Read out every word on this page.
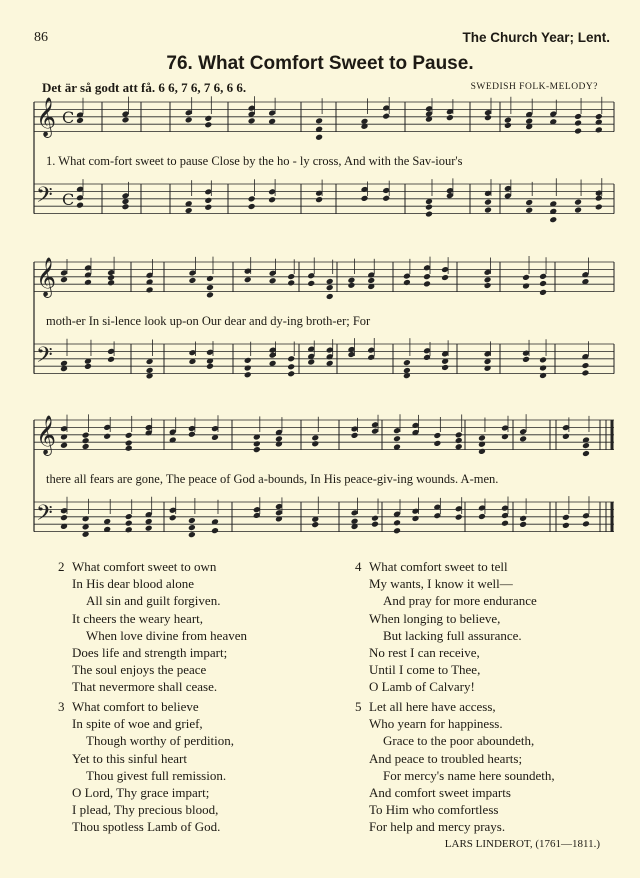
86	The Church Year; Lent.
76. What Comfort Sweet to Pause.
Det är så godt att få. 6 6, 7 6, 7 6, 6 6.	SWEDISH FOLK-MELODY?
𝄞 C
𝄢 C
𝄞
𝄢
𝄞
𝄢
1. What com-fort sweet to pause Close by the ho - ly cross, And with the Sav-iour's
moth-er In si-lence look up-on Our dear and dy-ing broth-er; For
there all fears are gone, The peace of God a-bounds, In His peace-giv-ing wounds. A-men.
2 What comfort sweet to own
In His dear blood alone
All sin and guilt forgiven.
It cheers the weary heart,
When love divine from heaven
Does life and strength impart;
The soul enjoys the peace
That nevermore shall cease.
3 What comfort to believe
In spite of woe and grief,
Though worthy of perdition,
Yet to this sinful heart
Thou givest full remission.
O Lord, Thy grace impart;
I plead, Thy precious blood,
Thou spotless Lamb of God.
4 What comfort sweet to tell
My wants, I know it well—
And pray for more endurance
When longing to believe,
But lacking full assurance.
No rest I can receive,
Until I come to Thee,
O Lamb of Calvary!
5 Let all here have access,
Who yearn for happiness.
Grace to the poor aboundeth,
And peace to troubled hearts;
For mercy's name here soundeth,
And comfort sweet imparts
To Him who comfortless
For help and mercy prays.
LARS LINDEROT, (1761—1811.)
